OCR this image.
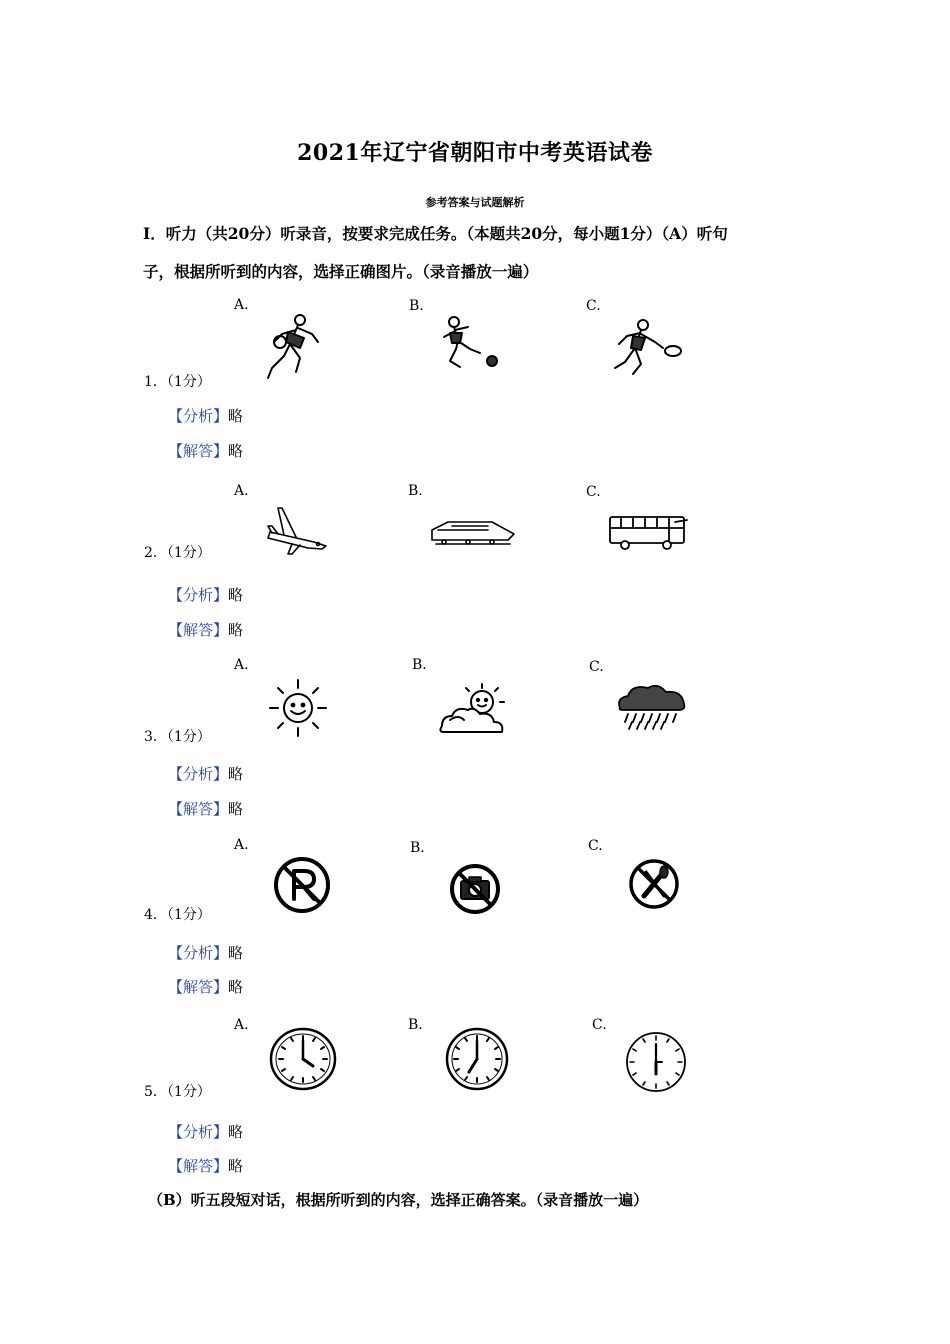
2021年辽宁省朝阳市中考英语试卷
参考答案与试题解析
I．听力（共20分）听录音，按要求完成任务。（本题共20分，每小题1分）（A）听句
子，根据所听到的内容，选择正确图片。（录音播放一遍）
A.	B.	C.
1．（1分）
【分析】略
【解答】略
A.	B.	C.
2．（1分）
【分析】略
【解答】略
A.	B.	C.
3．（1分）
【分析】略
【解答】略
A.	B.	C.
4．（1分）
【分析】略
【解答】略
A.	B.	C.
5．（1分）
【分析】略
【解答】略
（B）听五段短对话，根据所听到的内容，选择正确答案。（录音播放一遍）
